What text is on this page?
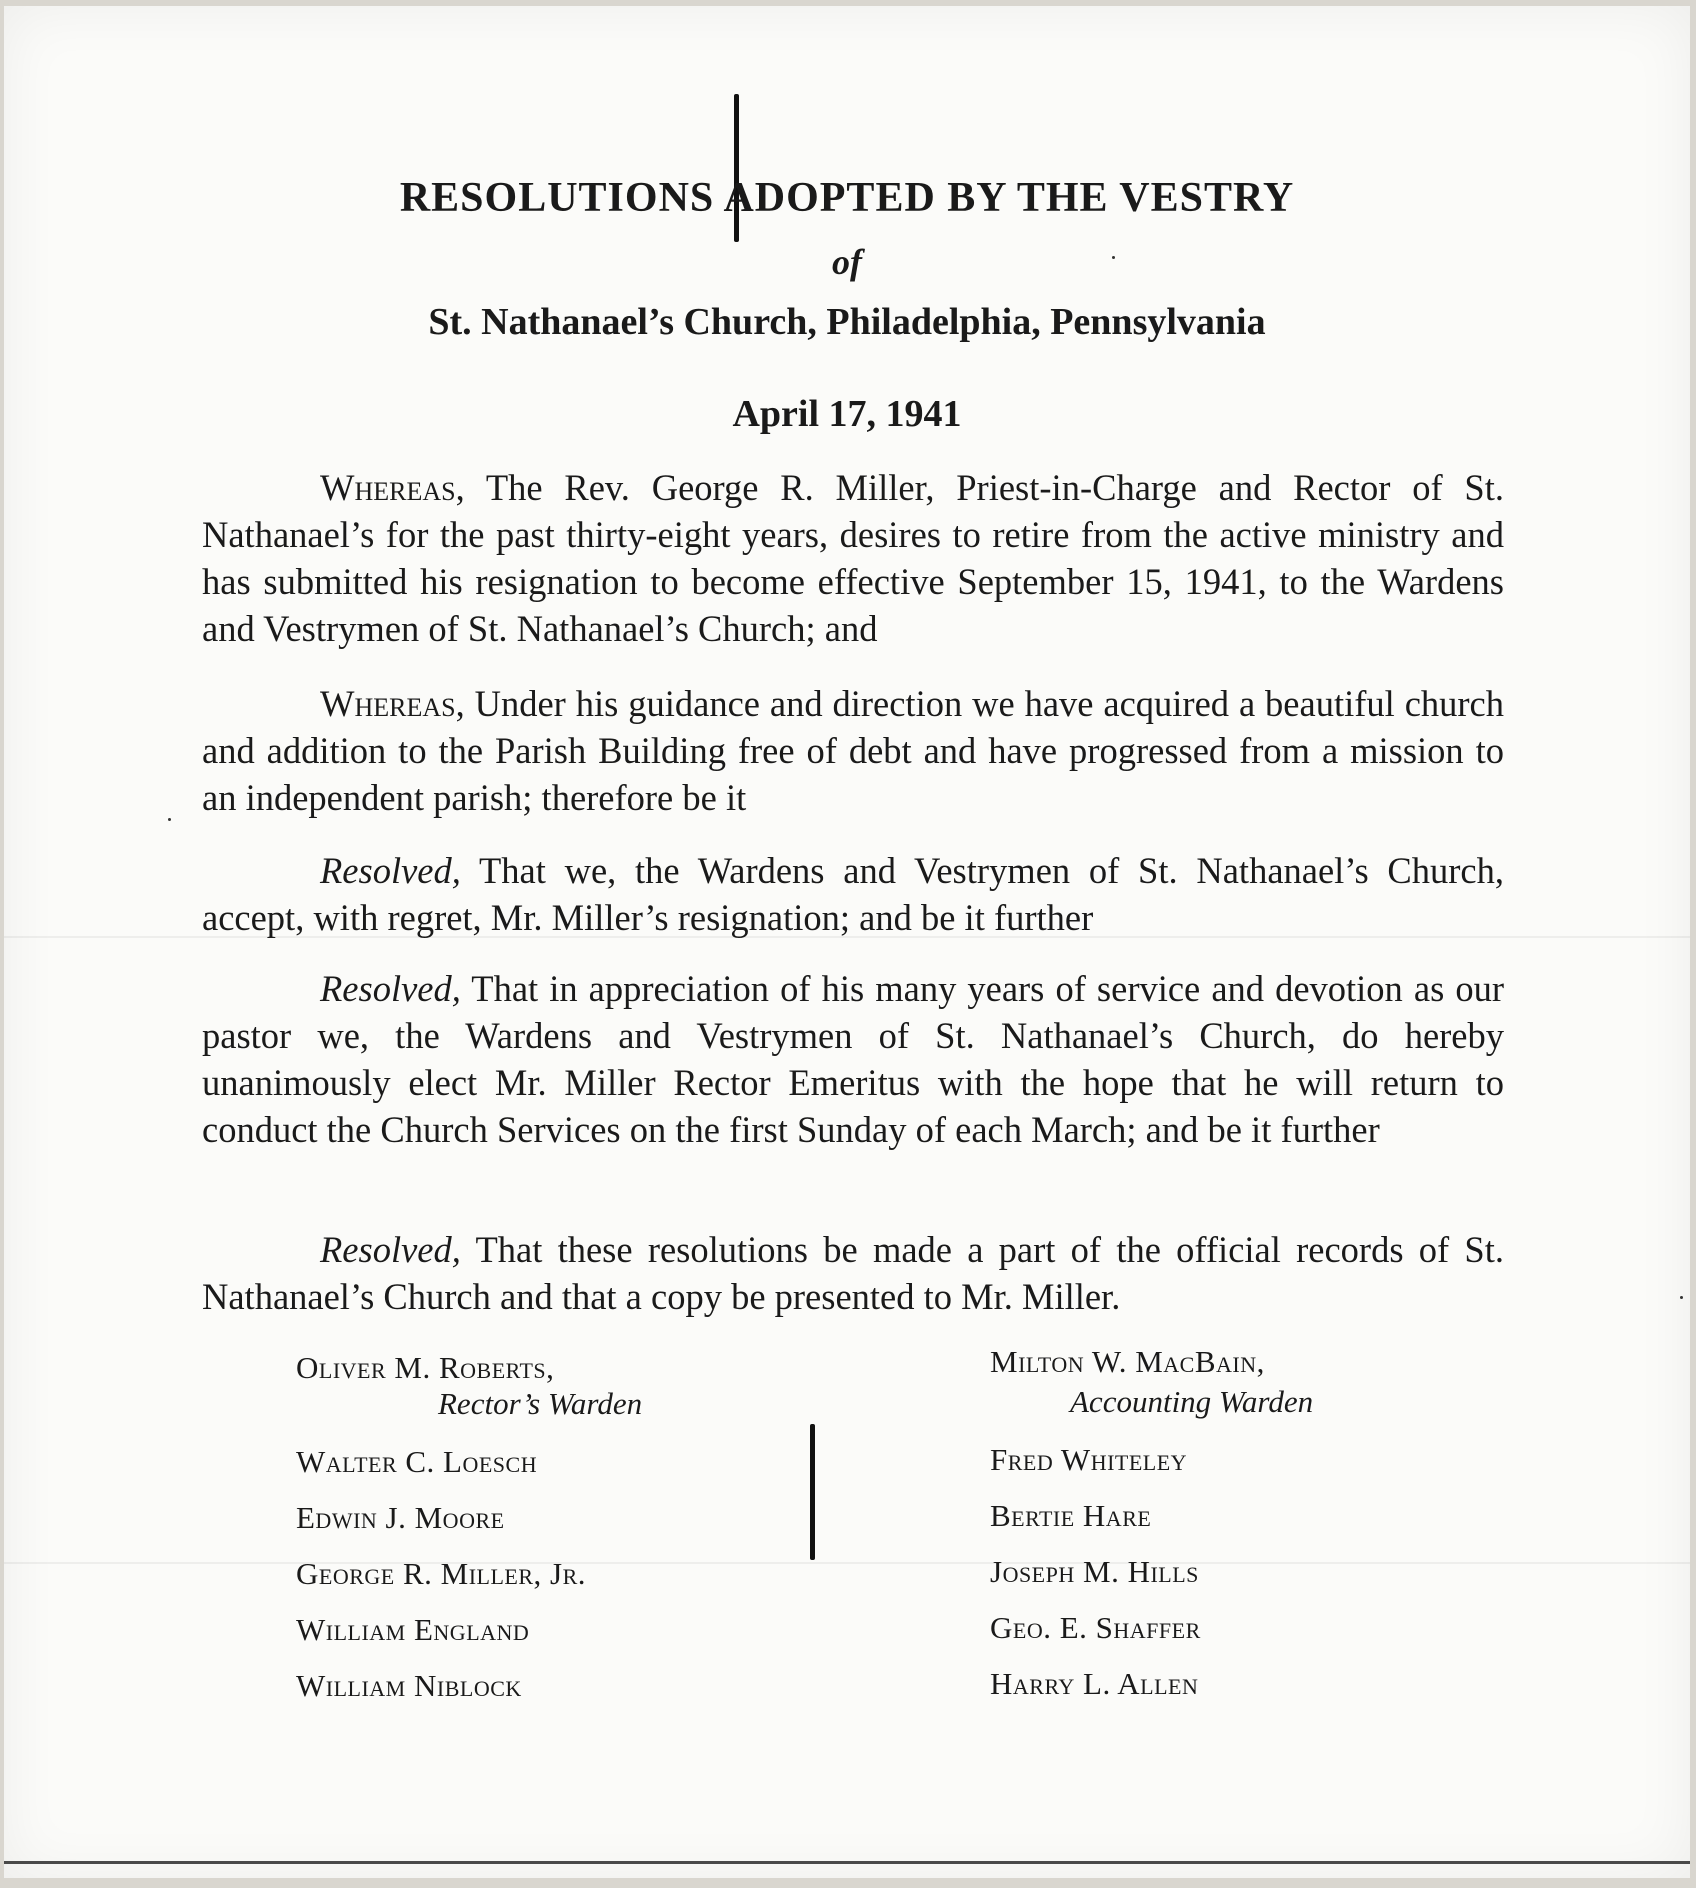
RESOLUTIONS ADOPTED BY THE VESTRY
of
St. Nathanael’s Church, Philadelphia, Pennsylvania
April 17, 1941

Whereas, The Rev. George R. Miller, Priest-in-Charge and Rector of St. Nathanael’s for the past thirty-eight years, desires to retire from the active ministry and has submitted his resignation to become effective September 15, 1941, to the Wardens and Vestrymen of St. Nathanael’s Church; and

Whereas, Under his guidance and direction we have acquired a beautiful church and addition to the Parish Building free of debt and have progressed from a mission to an independent parish; therefore be it

Resolved, That we, the Wardens and Vestrymen of St. Nathanael’s Church, accept, with regret, Mr. Miller’s resignation; and be it further

Resolved, That in appreciation of his many years of service and devotion as our pastor we, the Wardens and Vestrymen of St. Nathanael’s Church, do hereby unanimously elect Mr. Miller Rector Emeritus with the hope that he will return to conduct the Church Services on the first Sunday of each March; and be it further

Resolved, That these resolutions be made a part of the official records of St. Nathanael’s Church and that a copy be presented to Mr. Miller.

Oliver M. Roberts,
Rector’s Warden
Walter C. Loesch
Edwin J. Moore
George R. Miller, Jr.
William England
William Niblock
Milton W. MacBain,
Accounting Warden
Fred Whiteley
Bertie Hare
Joseph M. Hills
Geo. E. Shaffer
Harry L. Allen
